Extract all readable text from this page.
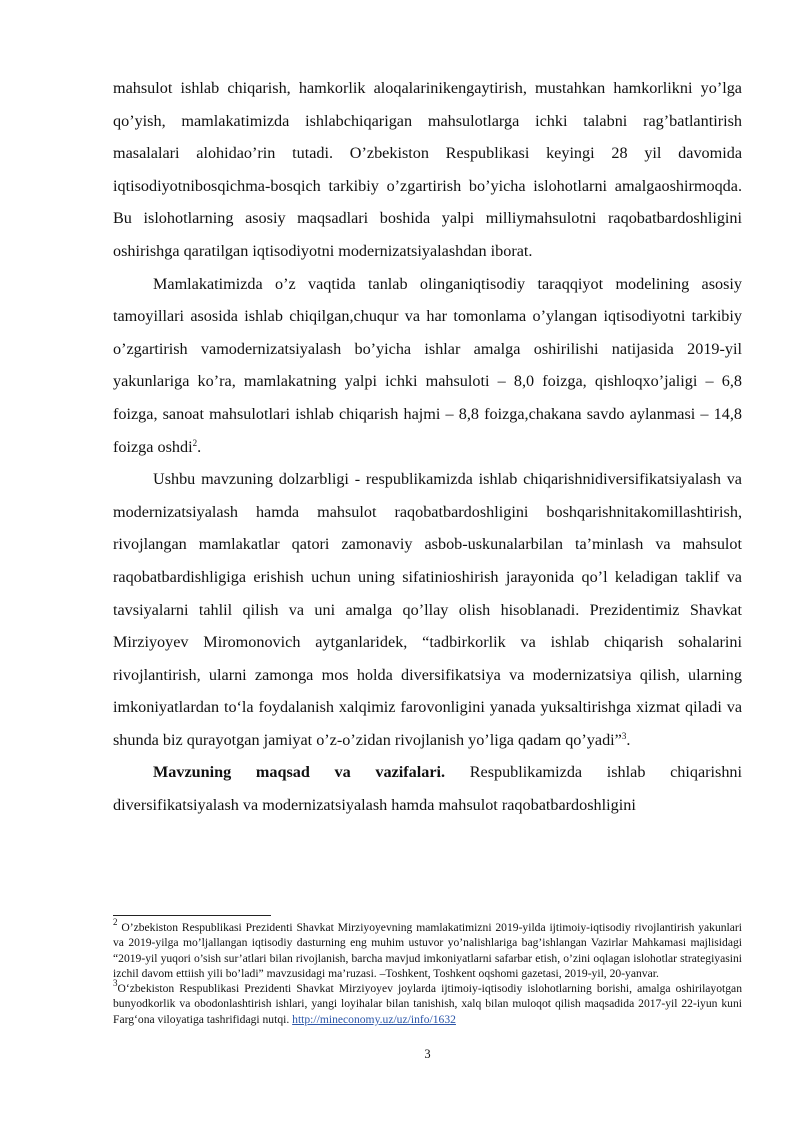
mahsulot ishlab chiqarish, hamkorlik aloqalarinikengaytirish, mustahkan hamkorlikni yo’lga qo’yish, mamlakatimizda ishlabchiqarigan mahsulotlarga ichki talabni rag’batlantirish masalalari alohidao’rin tutadi. O’zbekiston Respublikasi keyingi 28 yil davomida iqtisodiyotnibosqichma-bosqich tarkibiy o’zgartirish bo’yicha islohotlarni amalgaoshirmoqda. Bu islohotlarning asosiy maqsadlari boshida yalpi milliymahsulotni raqobatbardoshligini oshirishga qaratilgan iqtisodiyotni modernizatsiyalashdan iborat.

Mamlakatimizda o’z vaqtida tanlab olinganiqtisodiy taraqqiyot modelining asosiy tamoyillari asosida ishlab chiqilgan,chuqur va har tomonlama o’ylangan iqtisodiyotni tarkibiy o’zgartirish vamodernizatsiyalash bo’yicha ishlar amalga oshirilishi natijasida 2019-yil yakunlariga ko’ra, mamlakatning yalpi ichki mahsuloti – 8,0 foizga, qishloqxo’jaligi – 6,8 foizga, sanoat mahsulotlari ishlab chiqarish hajmi – 8,8 foizga,chakana savdo aylanmasi – 14,8 foizga oshdi$^2$.

Ushbu mavzuning dolzarbligi - respublikamizda ishlab chiqarishnidiversifikatsiyalash va modernizatsiyalash hamda mahsulot raqobatbardoshligini boshqarishnitakomillashtirish, rivojlangan mamlakatlar qatori zamonaviy asbob-uskunalarbilan ta’minlash va mahsulot raqobatbardishligiga erishish uchun uning sifatinioshirish jarayonida qo’l keladigan taklif va tavsiyalarni tahlil qilish va uni amalga qo’llay olish hisoblanadi. Prezidentimiz Shavkat Mirziyoyev Miromonovich aytganlaridek, “tadbirkorlik va ishlab chiqarish sohalarini rivojlantirish, ularni zamonga mos holda diversifikatsiya va modernizatsiya qilish, ularning imkoniyatlardan to‘la foydalanish xalqimiz farovonligini yanada yuksaltirishga xizmat qiladi va shunda biz qurayotgan jamiyat o’z-o’zidan rivojlanish yo’liga qadam qo’yadi”$^3$.

Mavzuning maqsad va vazifalari. Respublikamizda ishlab chiqarishni diversifikatsiyalash va modernizatsiyalash hamda mahsulot raqobatbardoshligini

$^2$ O’zbekiston Respublikasi Prezidenti Shavkat Mirziyoyevning mamlakatimizni 2019-yilda ijtimoiy-iqtisodiy rivojlantirish yakunlari va 2019-yilga mo’ljallangan iqtisodiy dasturning eng muhim ustuvor yo’nalishlariga bag’ishlangan Vazirlar Mahkamasi majlisidagi “2019-yil yuqori o’sish sur’atlari bilan rivojlanish, barcha mavjud imkoniyatlarni safarbar etish, o’zini oqlagan islohotlar strategiyasini izchil davom ettiish yili bo’ladi” mavzusidagi ma’ruzasi. –Toshkent, Toshkent oqshomi gazetasi, 2019-yil, 20-yanvar.

$^3$O‘zbekiston Respublikasi Prezidenti Shavkat Mirziyoyev joylarda ijtimoiy-iqtisodiy islohotlarning borishi, amalga oshirilayotgan bunyodkorlik va obodonlashtirish ishlari, yangi loyihalar bilan tanishish, xalq bilan muloqot qilish maqsadida 2017-yil 22-iyun kuni Farg‘ona viloyatiga tashrifidagi nutqi. http://mineconomy.uz/uz/info/1632

3
